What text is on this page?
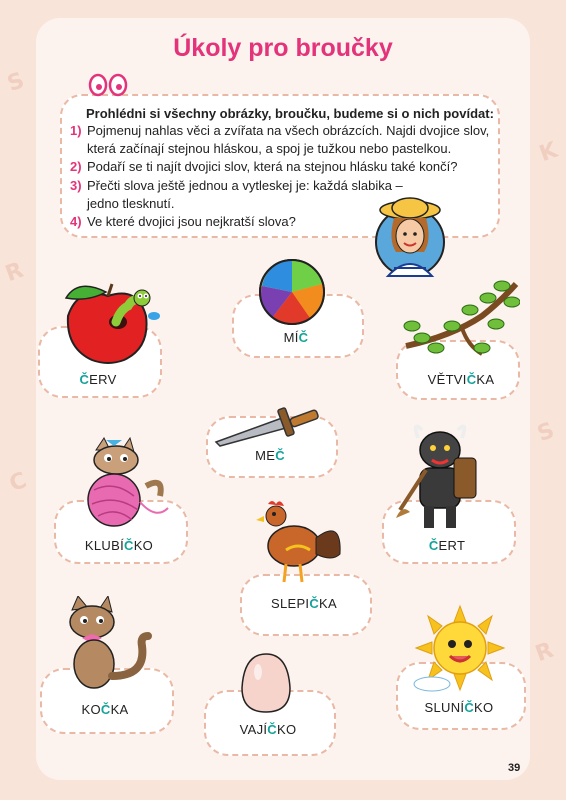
S
R
C
K
S
R
Úkoly pro broučky
Prohlédni si všechny obrázky, broučku, budeme si o nich povídat:
1) Pojmenuj nahlas věci a zvířata na všech obrázcích. Najdi dvojice slov, která začínají stejnou hláskou, a spoj je tužkou nebo pastelkou.
2) Podaří se ti najít dvojici slov, která na stejnou hlásku také končí?
3) Přečti slova ještě jednou a vytleskej je: každá slabika – jedno tlesknutí.
4) Ve které dvojici jsou nejkratší slova?
ČERV
MÍČ
VĚTVIČKA
MEČ
KLUBÍČKO	ČERT
SLEPIČKA
KOČKA	SLUNÍČKO
VAJÍČKO
39
